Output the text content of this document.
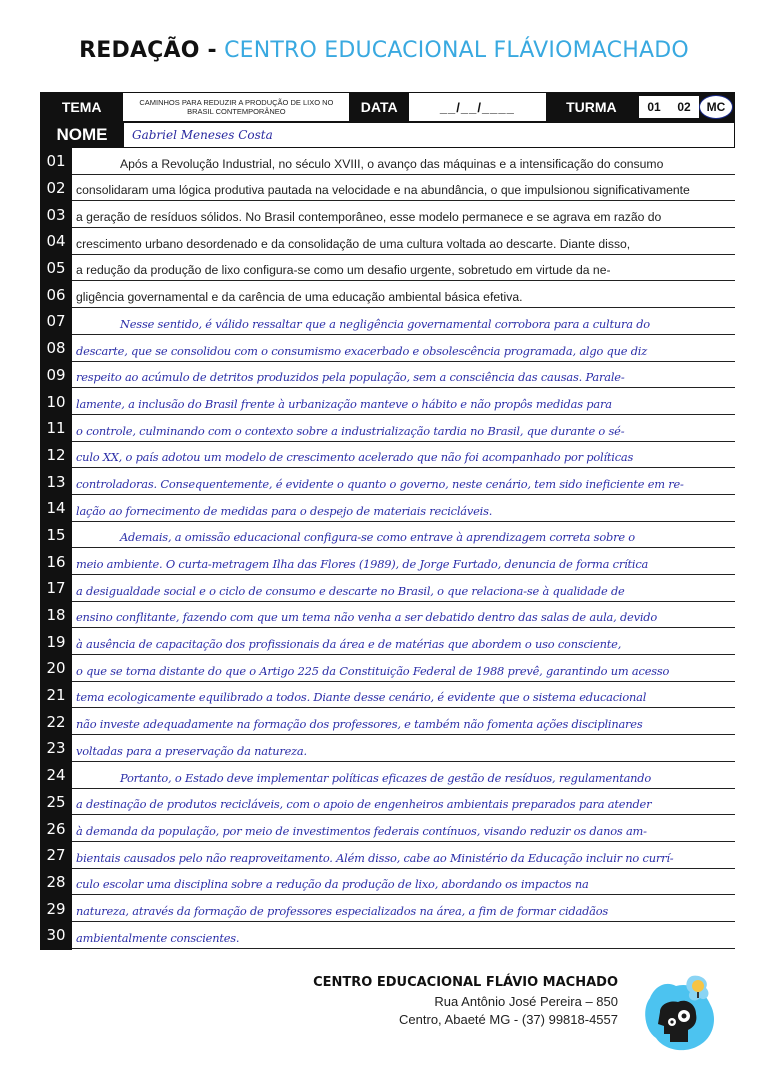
REDAÇÃO - CENTRO EDUCACIONAL FLÁVIOMACHADO
TEMA	CAMINHOS PARA REDUZIR A PRODUÇÃO DE LIXO NO BRASIL CONTEMPORÂNEO	DATA	__/__/____	TURMA	01	02	MC
NOME	Gabriel Meneses Costa
01	Após a Revolução Industrial, no século XVIII, o avanço das máquinas e a intensificação do consumo
02 consolidaram uma lógica produtiva pautada na velocidade e na abundância, o que impulsionou significativamente
03 a geração de resíduos sólidos. No Brasil contemporâneo, esse modelo permanece e se agrava em razão do
04 crescimento urbano desordenado e da consolidação de uma cultura voltada ao descarte. Diante disso,
05 a redução da produção de lixo configura-se como um desafio urgente, sobretudo em virtude da ne-
06 gligência governamental e da carência de uma educação ambiental básica efetiva.
07	Nesse sentido, é válido ressaltar que a negligência governamental corrobora para a cultura do
08 descarte, que se consolidou com o consumismo exacerbado e obsolescência programada, algo que diz
09 respeito ao acúmulo de detritos produzidos pela população, sem a consciência das causas. Parale-
10 lamente, a inclusão do Brasil frente à urbanização manteve o hábito e não propôs medidas para
11 o controle, culminando com o contexto sobre a industrialização tardia no Brasil, que durante o sé-
12 culo XX, o país adotou um modelo de crescimento acelerado que não foi acompanhado por políticas
13 controladoras. Consequentemente, é evidente o quanto o governo, neste cenário, tem sido ineficiente em re-
14 lação ao fornecimento de medidas para o despejo de materiais recicláveis.
15	Ademais, a omissão educacional configura-se como entrave à aprendizagem correta sobre o
16 meio ambiente. O curta-metragem Ilha das Flores (1989), de Jorge Furtado, denuncia de forma crítica
17 a desigualdade social e o ciclo de consumo e descarte no Brasil, o que relaciona-se à qualidade de
18 ensino conflitante, fazendo com que um tema não venha a ser debatido dentro das salas de aula, devido
19 à ausência de capacitação dos profissionais da área e de matérias que abordem o uso consciente,
20 o que se torna distante do que o Artigo 225 da Constituição Federal de 1988 prevê, garantindo um acesso
21 tema ecologicamente equilibrado a todos. Diante desse cenário, é evidente que o sistema educacional
22 não investe adequadamente na formação dos professores, e também não fomenta ações disciplinares
23 voltadas para a preservação da natureza.
24	Portanto, o Estado deve implementar políticas eficazes de gestão de resíduos, regulamentando
25 a destinação de produtos recicláveis, com o apoio de engenheiros ambientais preparados para atender
26 à demanda da população, por meio de investimentos federais contínuos, visando reduzir os danos am-
27 bientais causados pelo não reaproveitamento. Além disso, cabe ao Ministério da Educação incluir no currí-
28 culo escolar uma disciplina sobre a redução da produção de lixo, abordando os impactos na
29 natureza, através da formação de professores especializados na área, a fim de formar cidadãos
30 ambientalmente conscientes.
CENTRO EDUCACIONAL FLÁVIO MACHADO
Rua Antônio José Pereira – 850
Centro, Abaeté MG - (37) 99818-4557
